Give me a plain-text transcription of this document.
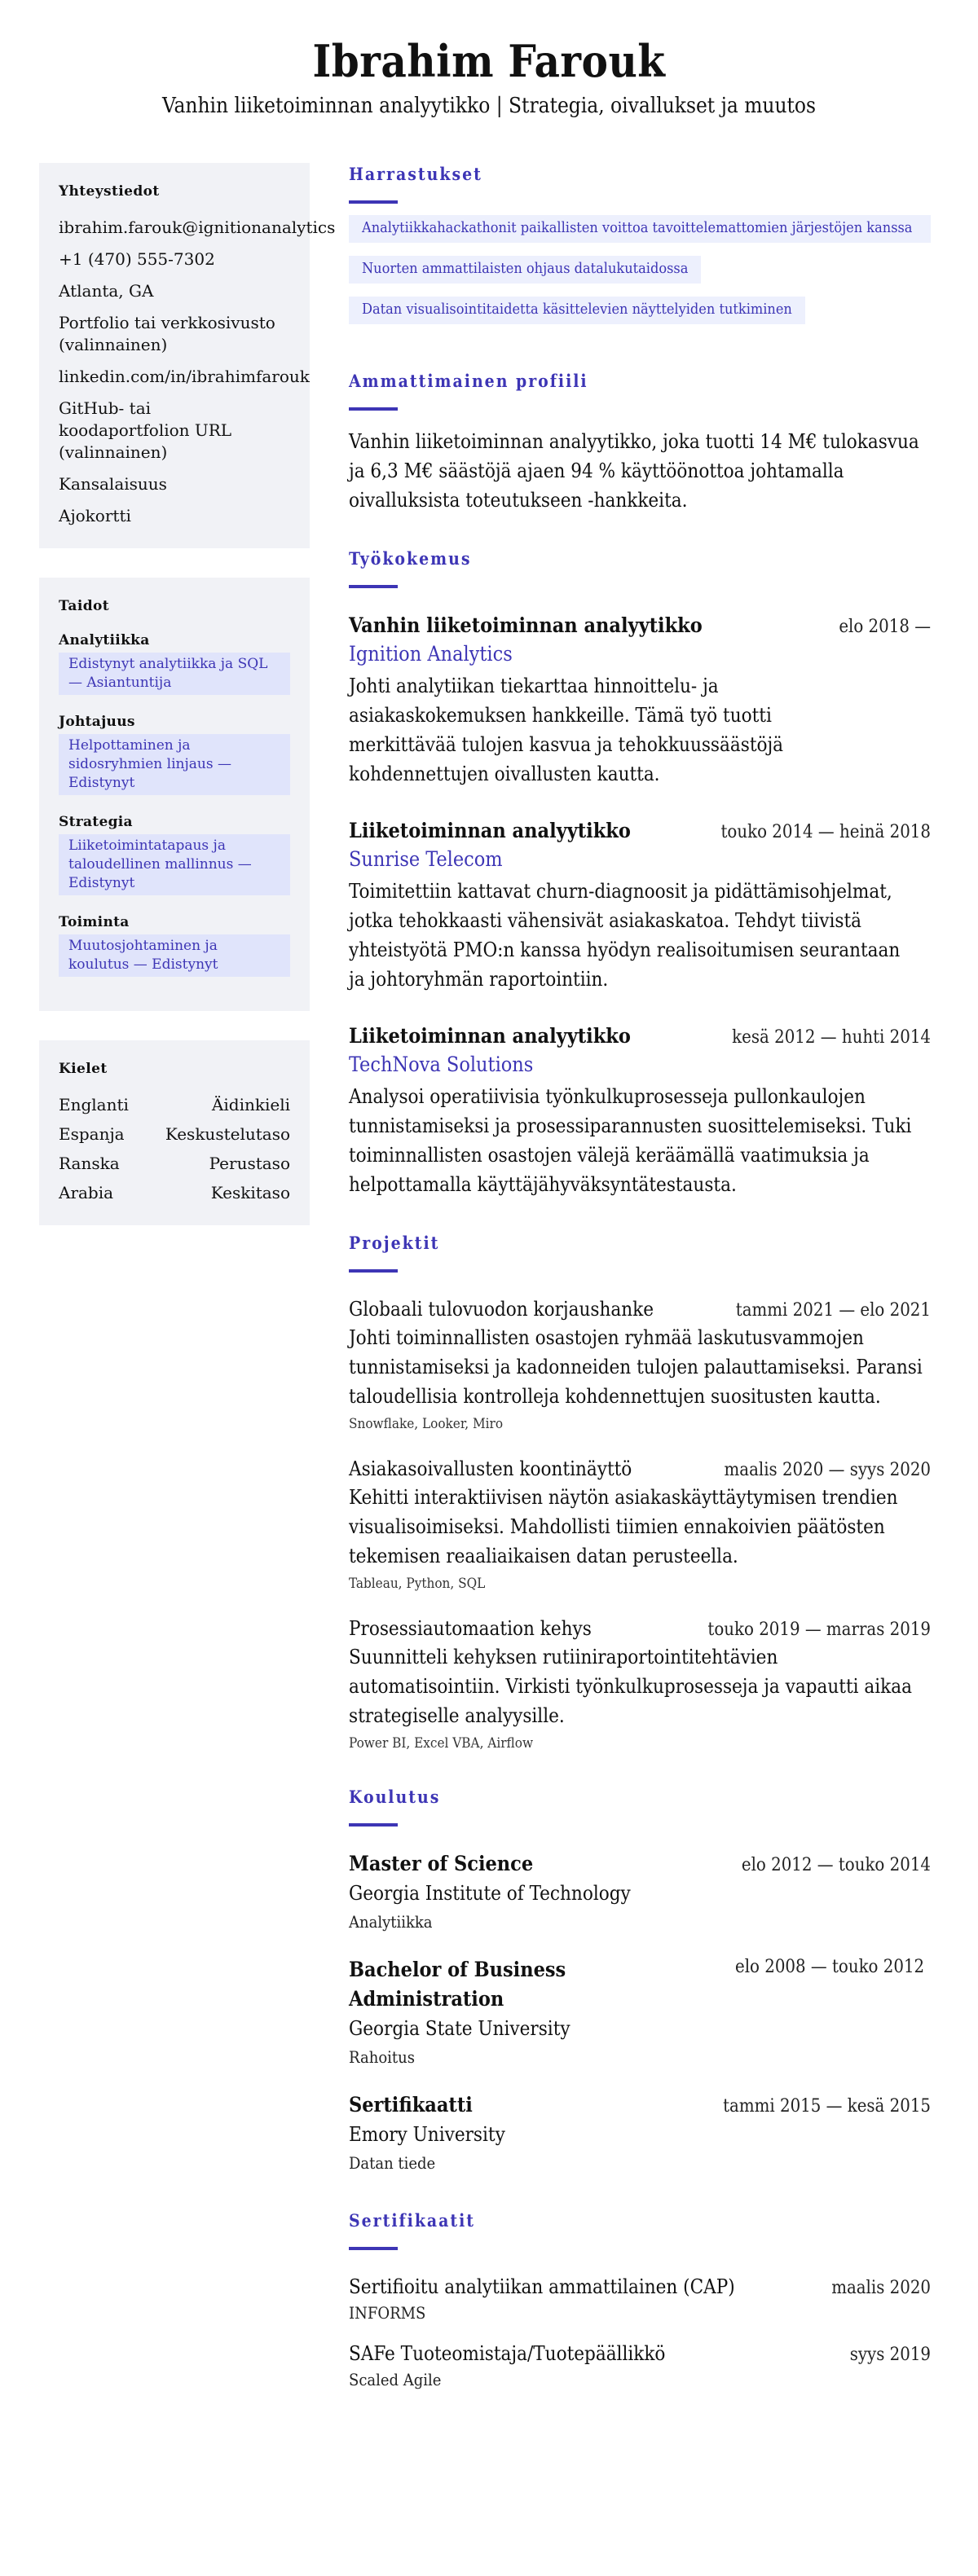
Ibrahim Farouk
Vanhin liiketoiminnan analyytikko | Strategia, oivallukset ja muutos
Yhteystiedot
ibrahim.farouk@ignitionanalytics
+1 (470) 555-7302
Atlanta, GA
Portfolio tai verkkosivusto (valinnainen)
linkedin.com/in/ibrahimfarouk
GitHub- tai koodaportfolion URL (valinnainen)
Kansalaisuus
Ajokortti
Taidot
Analytiikka
Edistynyt analytiikka ja SQL — Asiantuntija
Johtajuus
Helpottaminen ja sidosryhmien linjaus — Edistynyt
Strategia
Liiketoimintatapaus ja taloudellinen mallinnus — Edistynyt
Toiminta
Muutosjohtaminen ja koulutus — Edistynyt
Kielet
Englanti	Äidinkieli
Espanja	Keskustelutaso
Ranska	Perustaso
Arabia	Keskitaso
Harrastukset
Analytiikkahackathonit paikallisten voittoa tavoittelemattomien järjestöjen kanssa
Nuorten ammattilaisten ohjaus datalukutaidossa
Datan visualisointitaidetta käsittelevien näyttelyiden tutkiminen
Ammattimainen profiili

Vanhin liiketoiminnan analyytikko, joka tuotti 14 M€ tulokasvua ja 6,3 M€ säästöjä ajaen 94 % käyttöönottoa johtamalla oivalluksista toteutukseen -hankkeita.

Työkokemus
Vanhin liiketoiminnan analyytikko	elo 2018 —
Ignition Analytics

Johti analytiikan tiekarttaa hinnoittelu- ja asiakaskokemuksen hankkeille. Tämä työ tuotti merkittävää tulojen kasvua ja tehokkuussäästöjä kohdennettujen oivallusten kautta.

Liiketoiminnan analyytikko	touko 2014 — heinä 2018
Sunrise Telecom

Toimitettiin kattavat churn-diagnoosit ja pidättämisohjelmat, jotka tehokkaasti vähensivät asiakaskatoa. Tehdyt tiivistä yhteistyötä PMO:n kanssa hyödyn realisoitumisen seurantaan ja johtoryhmän raportointiin.

Liiketoiminnan analyytikko	kesä 2012 — huhti 2014
TechNova Solutions

Analysoi operatiivisia työnkulkuprosesseja pullonkaulojen tunnistamiseksi ja prosessiparannusten suosittelemiseksi. Tuki toiminnallisten osastojen välejä keräämällä vaatimuksia ja helpottamalla käyttäjähyväksyntätestausta.

Projektit
Globaali tulovuodon korjaushanke	tammi 2021 — elo 2021

Johti toiminnallisten osastojen ryhmää laskutusvammojen tunnistamiseksi ja kadonneiden tulojen palauttamiseksi. Paransi taloudellisia kontrolleja kohdennettujen suositusten kautta.

Snowflake, Looker, Miro
Asiakasoivallusten koontinäyttö	maalis 2020 — syys 2020

Kehitti interaktiivisen näytön asiakaskäyttäytymisen trendien visualisoimiseksi. Mahdollisti tiimien ennakoivien päätösten tekemisen reaaliaikaisen datan perusteella.

Tableau, Python, SQL
Prosessiautomaation kehys	touko 2019 — marras 2019

Suunnitteli kehyksen rutiiniraportointitehtävien automatisointiin. Virkisti työnkulkuprosesseja ja vapautti aikaa strategiselle analyysille.

Power BI, Excel VBA, Airflow
Koulutus
Master of Science	elo 2012 — touko 2014
Georgia Institute of Technology
Analytiikka
Bachelor of Business Administration
elo 2008 — touko 2012
Georgia State University
Rahoitus
Sertifikaatti	tammi 2015 — kesä 2015
Emory University
Datan tiede
Sertifikaatit
Sertifioitu analytiikan ammattilainen (CAP)	maalis 2020
INFORMS
SAFe Tuoteomistaja/Tuotepäällikkö	syys 2019
Scaled Agile
